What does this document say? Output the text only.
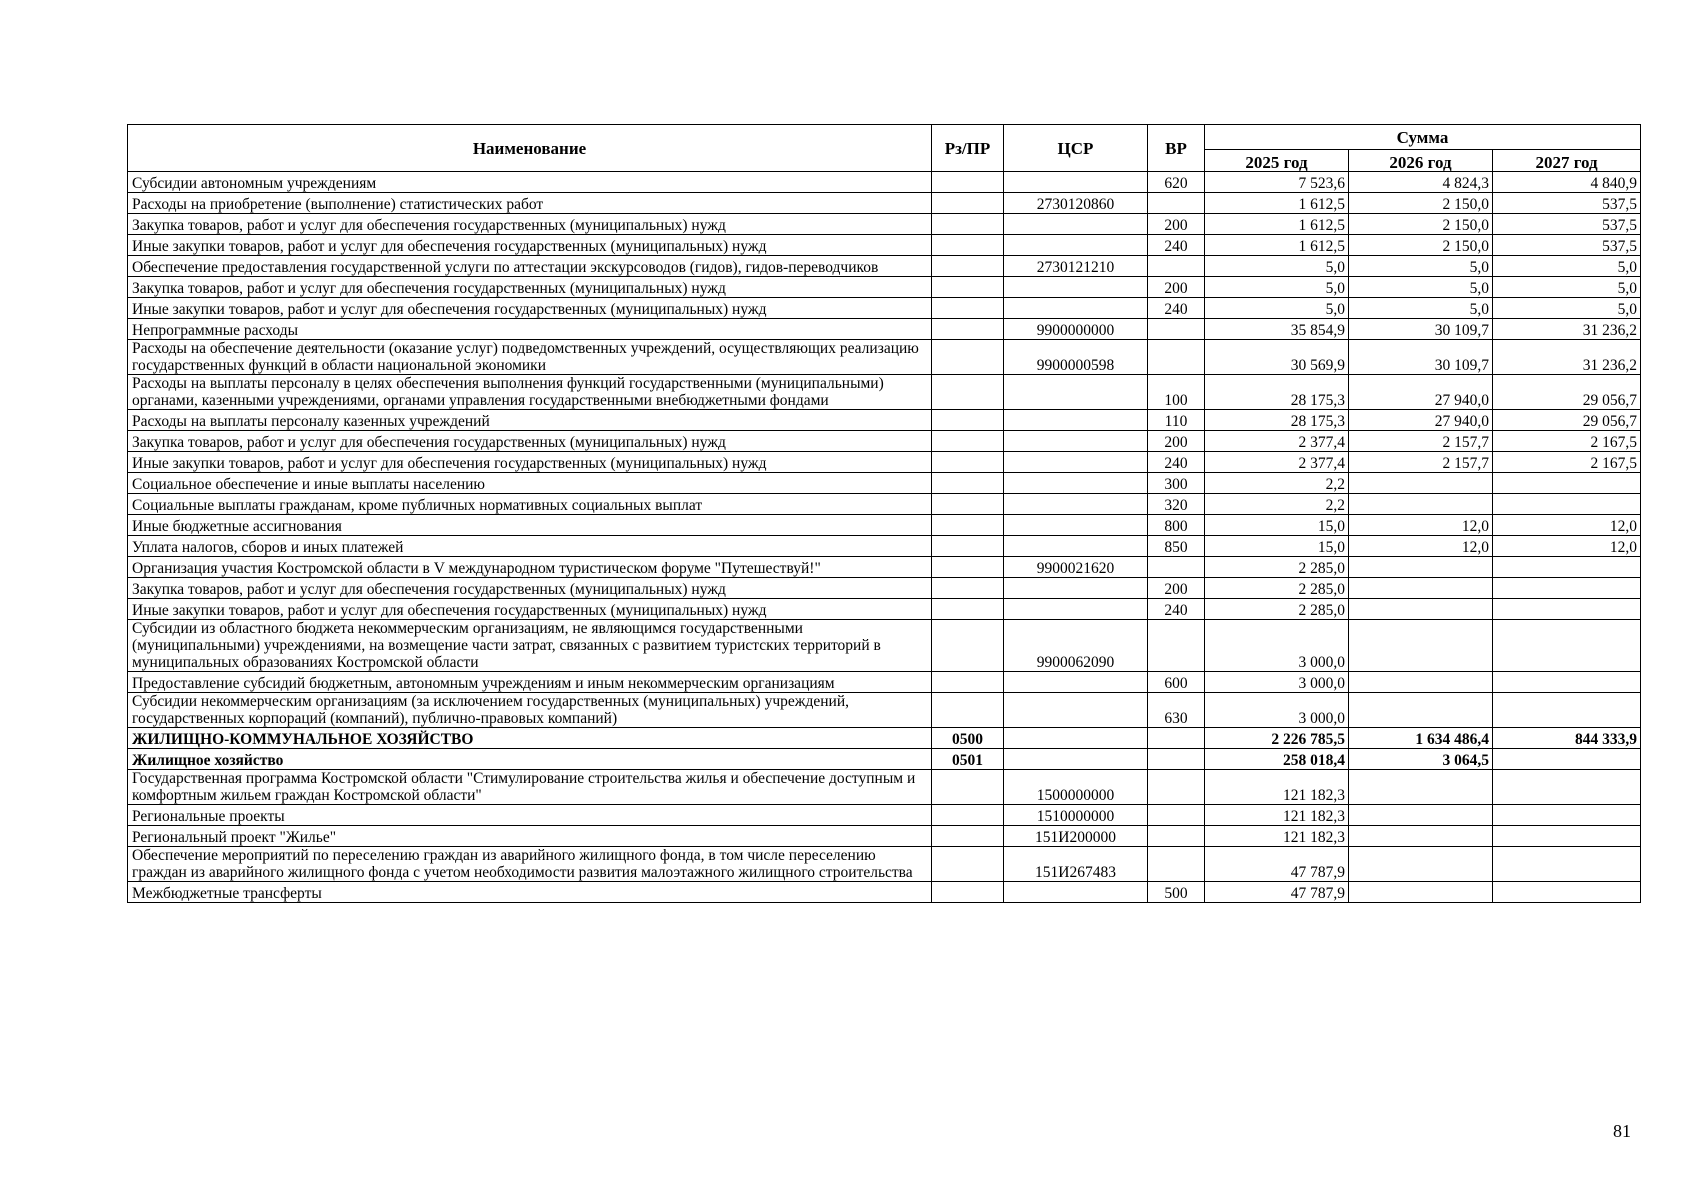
Наименование	Рз/ПР	ЦСР	ВР	Сумма		
				2025 год	2026 год	2027 год
Субсидии автономным учреждениям			620	7 523,6	4 824,3	4 840,9
Расходы на приобретение (выполнение) статистических работ		2730120860		1 612,5	2 150,0	537,5
Закупка товаров, работ и услуг для обеспечения государственных (муниципальных) нужд			200	1 612,5	2 150,0	537,5
Иные закупки товаров, работ и услуг для обеспечения государственных (муниципальных) нужд			240	1 612,5	2 150,0	537,5
Обеспечение предоставления государственной услуги по аттестации экскурсоводов (гидов), гидов-переводчиков		2730121210		5,0	5,0	5,0
Закупка товаров, работ и услуг для обеспечения государственных (муниципальных) нужд			200	5,0	5,0	5,0
Иные закупки товаров, работ и услуг для обеспечения государственных (муниципальных) нужд			240	5,0	5,0	5,0
Непрограммные расходы		9900000000		35 854,9	30 109,7	31 236,2
Расходы на обеспечение деятельности (оказание услуг) подведомственных учреждений, осуществляющих реализацию государственных функций в области национальной экономики		9900000598		30 569,9	30 109,7	31 236,2
Расходы на выплаты персоналу в целях обеспечения выполнения функций государственными (муниципальными) органами, казенными учреждениями, органами управления государственными внебюджетными фондами			100	28 175,3	27 940,0	29 056,7
Расходы на выплаты персоналу казенных учреждений			110	28 175,3	27 940,0	29 056,7
Закупка товаров, работ и услуг для обеспечения государственных (муниципальных) нужд			200	2 377,4	2 157,7	2 167,5
Иные закупки товаров, работ и услуг для обеспечения государственных (муниципальных) нужд			240	2 377,4	2 157,7	2 167,5
Социальное обеспечение и иные выплаты населению			300	2,2		
Социальные выплаты гражданам, кроме публичных нормативных социальных выплат			320	2,2		
Иные бюджетные ассигнования			800	15,0	12,0	12,0
Уплата налогов, сборов и иных платежей			850	15,0	12,0	12,0
Организация участия Костромской области в V международном туристическом форуме "Путешествуй!"		9900021620		2 285,0		
Закупка товаров, работ и услуг для обеспечения государственных (муниципальных) нужд			200	2 285,0		
Иные закупки товаров, работ и услуг для обеспечения государственных (муниципальных) нужд			240	2 285,0		
Субсидии из областного бюджета некоммерческим организациям, не являющимся государственными (муниципальными) учреждениями, на возмещение части затрат, связанных с развитием туристских территорий в муниципальных образованиях Костромской области		9900062090		3 000,0		
Предоставление субсидий бюджетным, автономным учреждениям и иным некоммерческим организациям			600	3 000,0		
Субсидии некоммерческим организациям (за исключением государственных (муниципальных) учреждений, государственных корпораций (компаний), публично-правовых компаний)			630	3 000,0		
ЖИЛИЩНО-КОММУНАЛЬНОЕ ХОЗЯЙСТВО	0500			2 226 785,5	1 634 486,4	844 333,9
Жилищное хозяйство	0501			258 018,4	3 064,5	
Государственная программа Костромской области "Стимулирование строительства жилья и обеспечение доступным и комфортным жильем граждан Костромской области"		1500000000		121 182,3		
Региональные проекты		1510000000		121 182,3		
Региональный проект "Жилье"		151И200000		121 182,3		
Обеспечение мероприятий по переселению граждан из аварийного жилищного фонда, в том числе переселению граждан из аварийного жилищного фонда с учетом необходимости развития малоэтажного жилищного строительства		151И267483		47 787,9		
Межбюджетные трансферты			500	47 787,9		
81
